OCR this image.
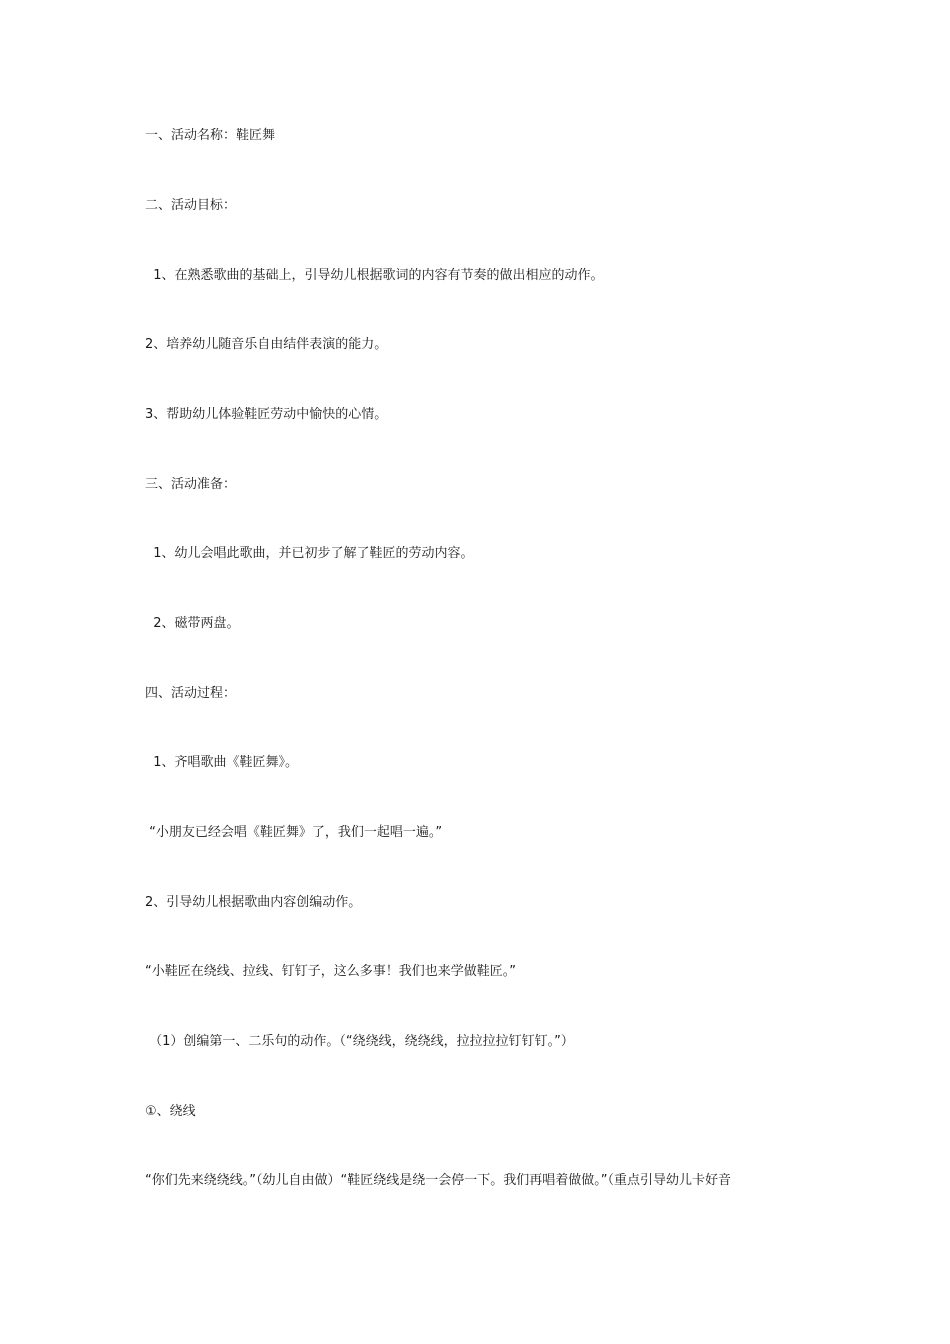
一、活动名称：鞋匠舞
二、活动目标：
1、在熟悉歌曲的基础上，引导幼儿根据歌词的内容有节奏的做出相应的动作。
2、培养幼儿随音乐自由结伴表演的能力。
3、帮助幼儿体验鞋匠劳动中愉快的心情。
三、活动准备：
1、幼儿会唱此歌曲，并已初步了解了鞋匠的劳动内容。
2、磁带两盘。
四、活动过程：
1、齐唱歌曲《鞋匠舞》。
“小朋友已经会唱《鞋匠舞》了，我们一起唱一遍。”
2、引导幼儿根据歌曲内容创编动作。
“小鞋匠在绕线、拉线、钉钉子，这么多事！我们也来学做鞋匠。”
（1）创编第一、二乐句的动作。（“绕绕线，绕绕线，拉拉拉拉钉钉钉。”）
①、绕线
“你们先来绕绕线。”（幼儿自由做）“鞋匠绕线是绕一会停一下。我们再唱着做做。”（重点引导幼儿卡好音
